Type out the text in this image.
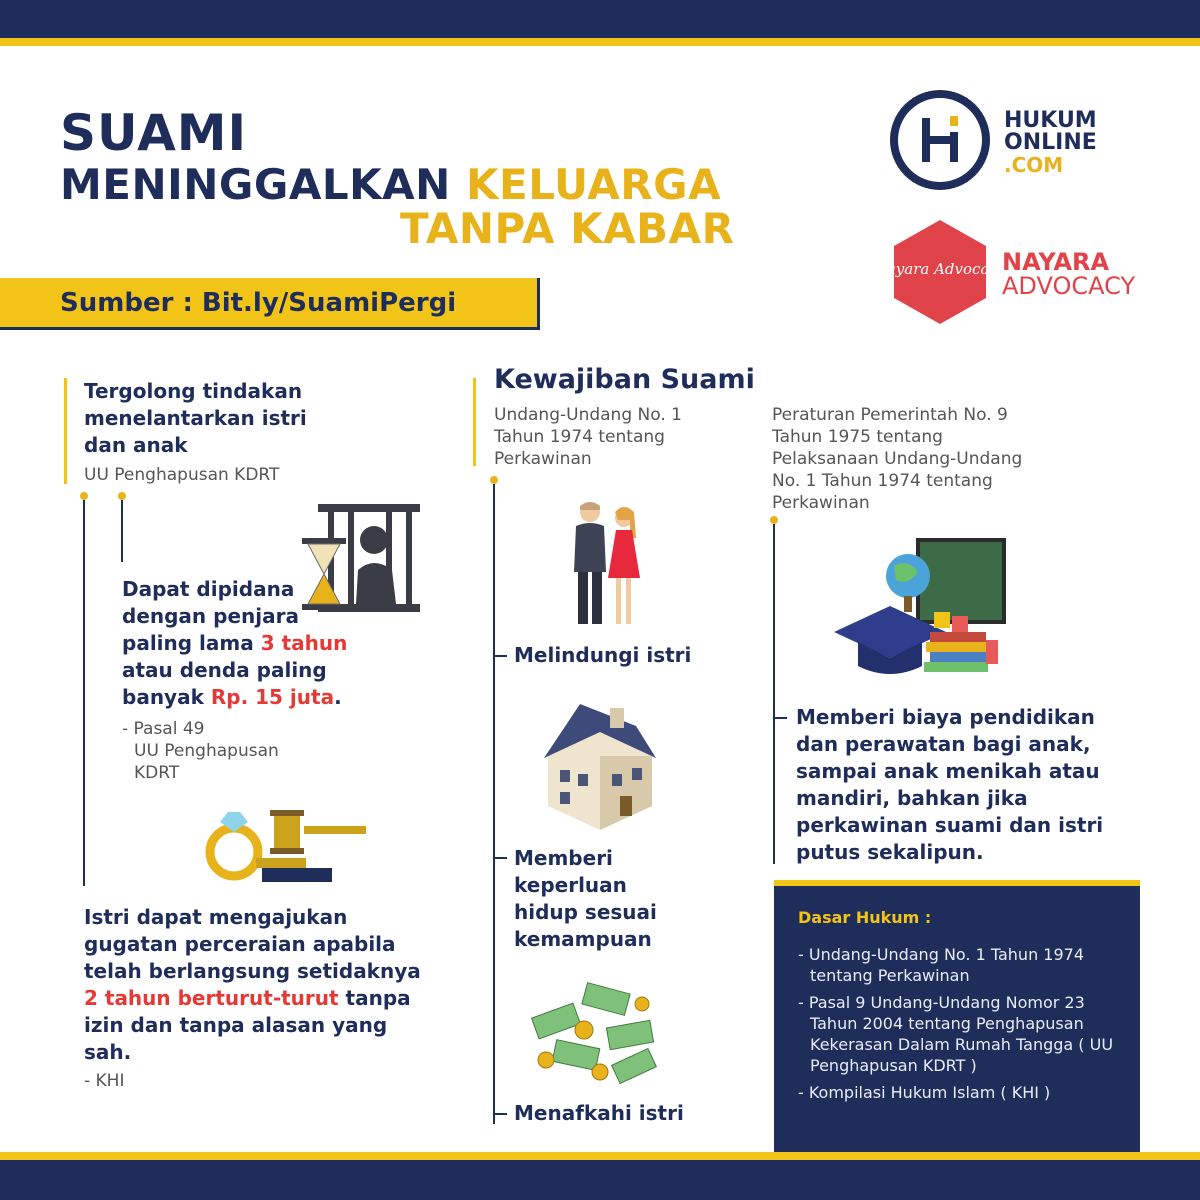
SUAMI
MENINGGALKAN KELUARGA
TANPA KABAR
HUKUM
ONLINE
.COM
Nayara Advocacy
NAYARA
ADVOCACY
Sumber : Bit.ly/SuamiPergi
Tergolong tindakan menelantarkan istri dan anak
UU Penghapusan KDRT
Dapat dipidana dengan penjara paling lama 3 tahun atau denda paling banyak Rp. 15 juta.
- Pasal 49
UU Penghapusan
KDRT
Istri dapat mengajukan gugatan perceraian apabila telah berlangsung setidaknya 2 tahun berturut-turut tanpa izin dan tanpa alasan yang sah.
- KHI
Kewajiban Suami
Undang-Undang No. 1
Tahun 1974 tentang
Perkawinan
Melindungi istri
Memberi
keperluan
hidup sesuai
kemampuan
Menafkahi istri
Peraturan Pemerintah No. 9
Tahun 1975 tentang
Pelaksanaan Undang-Undang
No. 1 Tahun 1974 tentang
Perkawinan
Memberi biaya pendidikan dan perawatan bagi anak, sampai anak menikah atau mandiri, bahkan jika perkawinan suami dan istri putus sekalipun.
Dasar Hukum :
- Undang-Undang No. 1 Tahun 1974 tentang Perkawinan
- Pasal 9 Undang-Undang Nomor 23 Tahun 2004 tentang Penghapusan Kekerasan Dalam Rumah Tangga ( UU Penghapusan KDRT )
- Kompilasi Hukum Islam ( KHI )
